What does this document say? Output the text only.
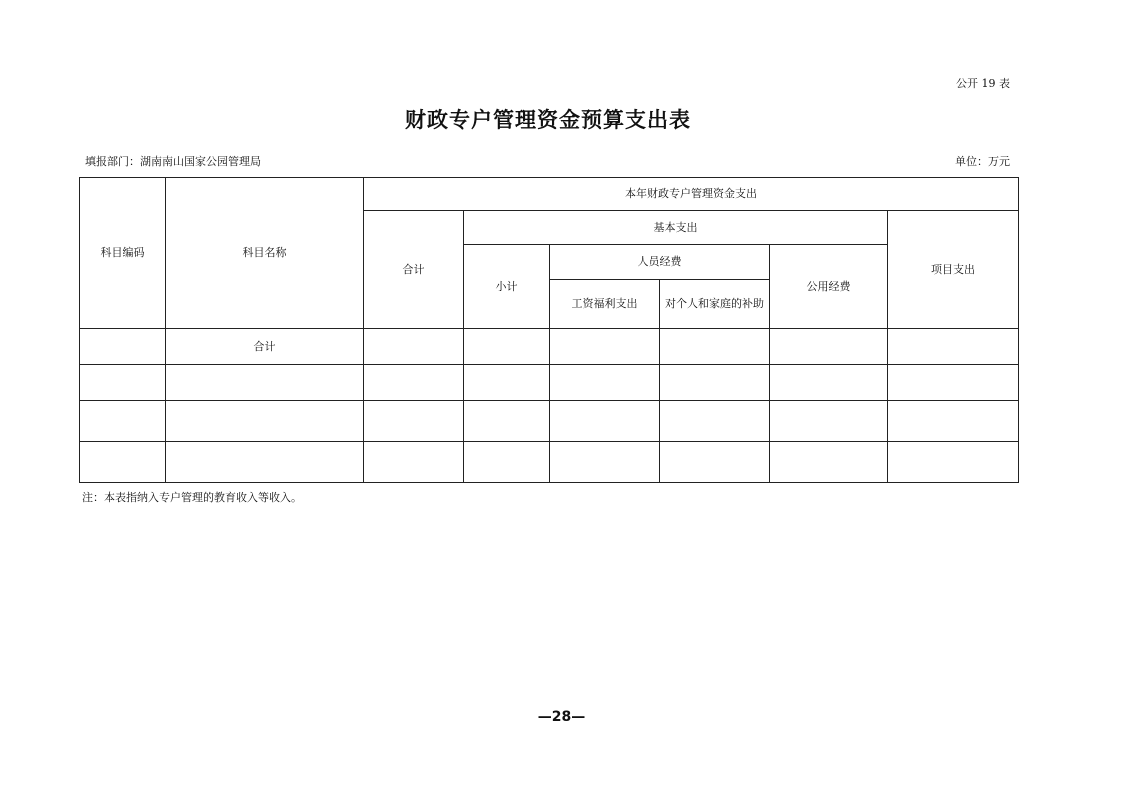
公开 19 表
财政专户管理资金预算支出表
填报部门：湖南南山国家公园管理局	单位：万元
科目编码	科目名称	本年财政专户管理资金支出					
		合计	基本支出				项目支出
			小计	人员经费		公用经费	
				工资福利支出	对个人和家庭的补助		
	合计						

注：本表指纳入专户管理的教育收入等收入。
—28—
